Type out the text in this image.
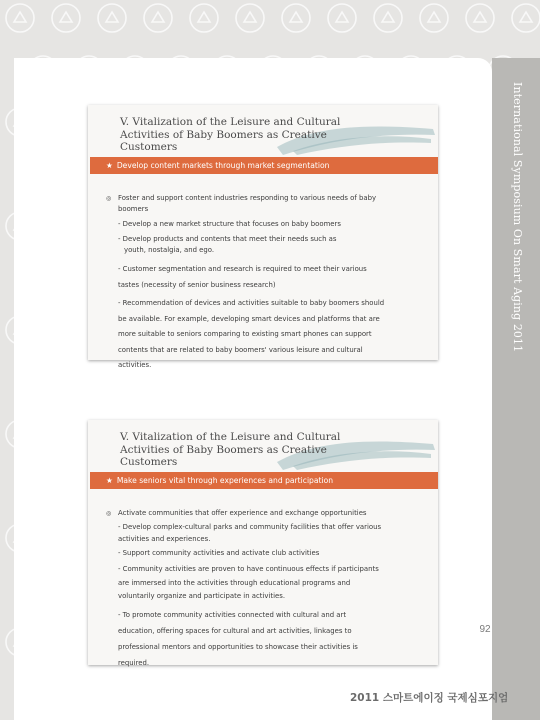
International Symposium On Smart Aging 2011
V. Vitalization of the Leisure and Cultural
Activities of Baby Boomers as Creative
Customers
★ Develop content markets through market segmentation
◎ Foster and support content industries responding to various needs of baby
boomers
- Develop a new market structure that focuses on baby boomers
- Develop products and contents that meet their needs such as
youth, nostalgia, and ego.
- Customer segmentation and research is required to meet their various
tastes (necessity of senior business research)
- Recommendation of devices and activities suitable to baby boomers should
be available. For example, developing smart devices and platforms that are
more suitable to seniors comparing to existing smart phones can support
contents that are related to baby boomers' various leisure and cultural
activities.
V. Vitalization of the Leisure and Cultural
Activities of Baby Boomers as Creative
Customers
★ Make seniors vital through experiences and participation
◎ Activate communities that offer experience and exchange opportunities
- Develop complex-cultural parks and community facilities that offer various
activities and experiences.
- Support community activities and activate club activities
- Community activities are proven to have continuous effects if participants
are immersed into the activities through educational programs and
voluntarily organize and participate in activities.
- To promote community activities connected with cultural and art
education, offering spaces for cultural and art activities, linkages to
professional mentors and opportunities to showcase their activities is
required.
92
2011 스마트에이징 국제심포지엄
